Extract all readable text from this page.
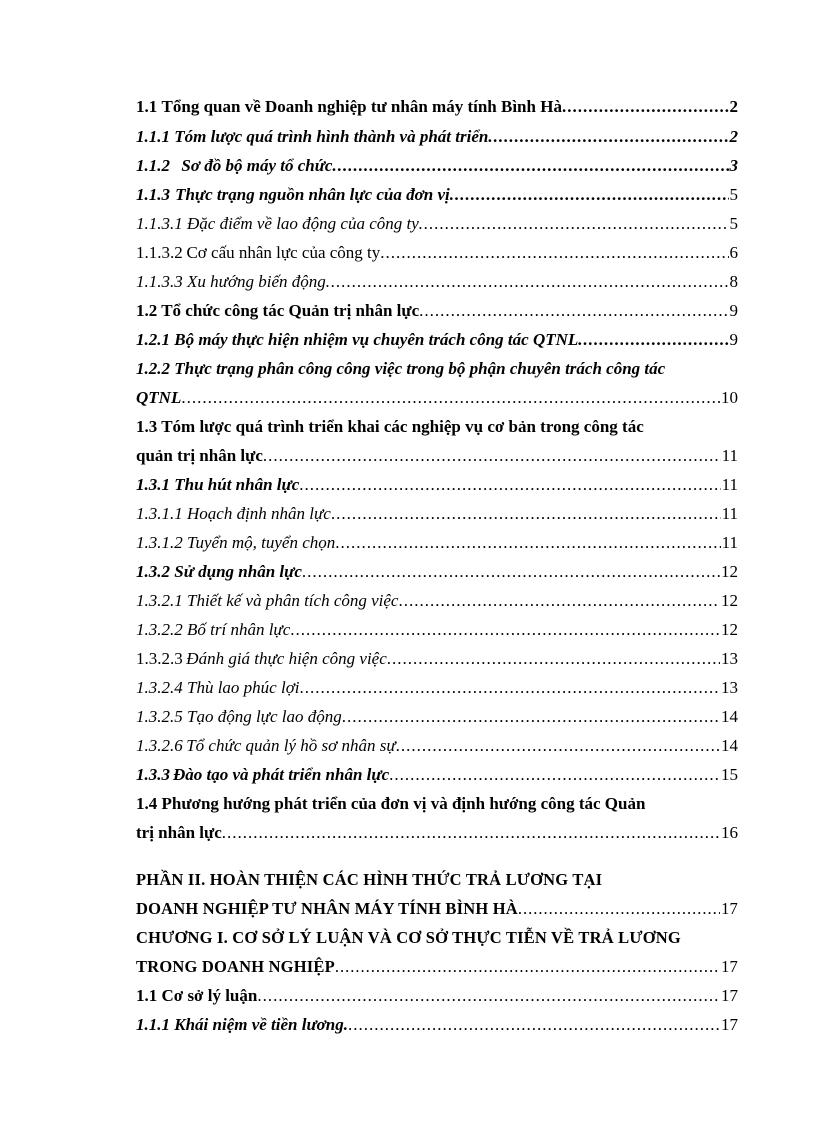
1.1 Tổng quan về Doanh nghiệp tư nhân máy tính Bình Hà .....	2
1.1.1 Tóm lược quá trình hình thành và phát triển .....	2
1.1.2 Sơ đồ bộ máy tổ chức .....	3
1.1.3 Thực trạng nguồn nhân lực của đơn vị .....	5
1.1.3.1 Đặc điểm về lao động của công ty .....	5
1.1.3.2 Cơ cấu nhân lực của công ty .....	6
1.1.3.3 Xu hướng biến động .....	8
1.2 Tổ chức công tác Quản trị nhân lực .....	9
1.2.1 Bộ máy thực hiện nhiệm vụ chuyên trách công tác QTNL .....	9
1.2.2 Thực trạng phân công công việc trong bộ phận chuyên trách công tác
QTNL .....	10
1.3 Tóm lược quá trình triển khai các nghiệp vụ cơ bản trong công tác
quản trị nhân lực .....	11
1.3.1 Thu hút nhân lực .....	11
1.3.1.1 Hoạch định nhân lực .....	11
1.3.1.2 Tuyển mộ, tuyển chọn .....	11
1.3.2 Sử dụng nhân lực .....	12
1.3.2.1 Thiết kế và phân tích công việc .....	12
1.3.2.2 Bố trí nhân lực .....	12
1.3.2.3 Đánh giá thực hiện công việc .....	13
1.3.2.4 Thù lao phúc lợi .....	13
1.3.2.5 Tạo động lực lao động .....	14
1.3.2.6 Tổ chức quản lý hồ sơ nhân sự .....	14
1.3.3 Đào tạo và phát triển nhân lực .....	15
1.4 Phương hướng phát triển của đơn vị và định hướng công tác Quản
trị nhân lực .....	16
PHẦN II. HOÀN THIỆN CÁC HÌNH THỨC TRẢ LƯƠNG TẠI
DOANH NGHIỆP TƯ NHÂN MÁY TÍNH BÌNH HÀ .....	17
CHƯƠNG I. CƠ SỞ LÝ LUẬN VÀ CƠ SỞ THỰC TIỄN VỀ TRẢ LƯƠNG
TRONG DOANH NGHIỆP .....	17
1.1 Cơ sở lý luận .....	17
1.1.1 Khái niệm về tiền lương. .....	17
